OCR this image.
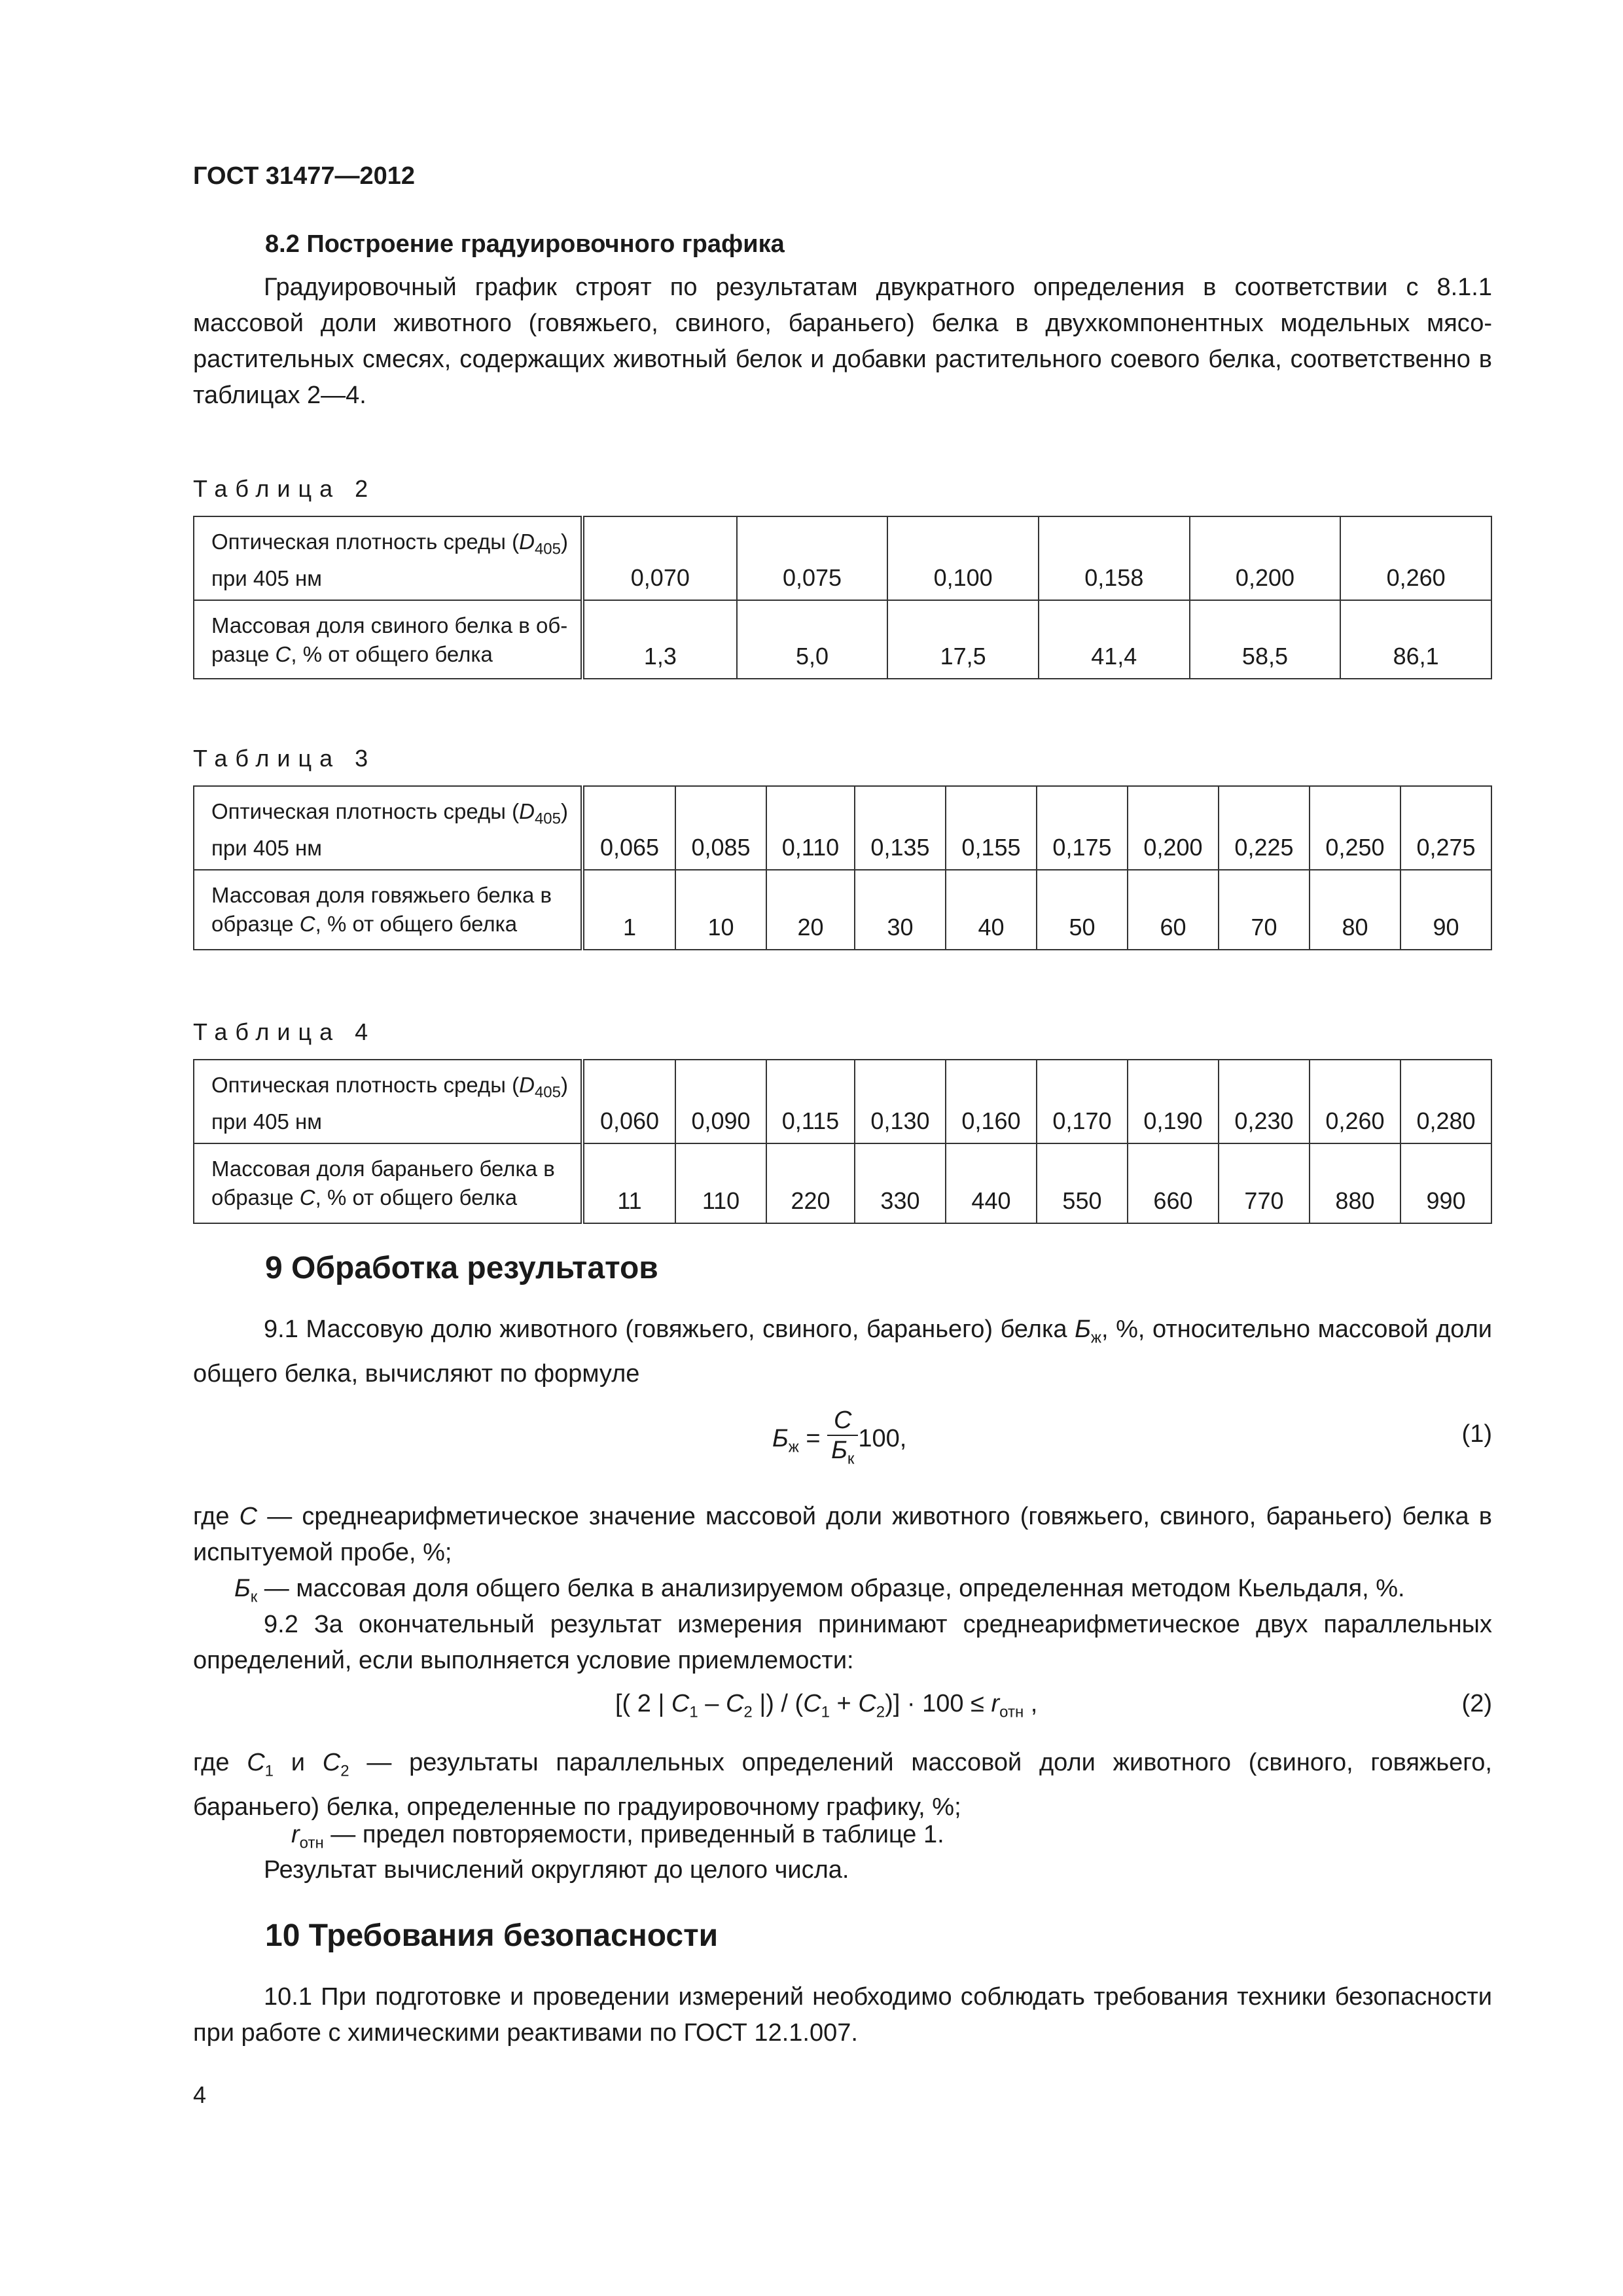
ГОСТ 31477—2012
8.2 Построение градуировочного графика

Градуировочный график строят по результатам двукратного определения в соответствии с 8.1.1 массовой доли животного (говяжьего, свиного, бараньего) белка в двухкомпонентных модельных мясо-растительных смесях, содержащих животный белок и добавки растительного соевого белка, соответственно в таблицах 2—4.

Таблица 2
Оптическая плотность среды $(D_{405})$
при 405 нм	0,070	0,075	0,100	0,158	0,200	0,260
Массовая доля свиного белка в об-
разце C, % от общего белка	1,3	5,0	17,5	41,4	58,5	86,1
Таблица 3
Оптическая плотность среды $(D_{405})$
при 405 нм	0,065	0,085	0,110	0,135	0,155	0,175	0,200	0,225	0,250	0,275
Массовая доля говяжьего белка в
образце C, % от общего белка	1	10	20	30	40	50	60	70	80	90
Таблица 4
Оптическая плотность среды $(D_{405})$
при 405 нм	0,060	0,090	0,115	0,130	0,160	0,170	0,190	0,230	0,260	0,280
Массовая доля бараньего белка в
образце C, % от общего белка	11	110	220	330	440	550	660	770	880	990
9 Обработка результатов

9.1 Массовую долю животного (говяжьего, свиного, бараньего) белка $Б_ж$, %, относительно массовой доли общего белка, вычисляют по формуле

$Б_ж = \frac{C}{Б_к} 100$,	(1)

где C — среднеарифметическое значение массовой доли животного (говяжьего, свиного, бараньего) белка в испытуемой пробе, %;

$Б_к$ — массовая доля общего белка в анализируемом образце, определенная методом Кьельдаля, %.

9.2 За окончательный результат измерения принимают среднеарифметическое двух параллельных определений, если выполняется условие приемлемости:

[( 2 | $C_1 - C_2$ |) / $(C_1 + C_2)] \cdot 100 \le r_{отн}$ ,	(2)

где $C_1$ и $C_2$ — результаты параллельных определений массовой доли животного (свиного, говяжьего, бараньего) белка, определенные по градуировочному графику, %;

$r_{отн}$ — предел повторяемости, приведенный в таблице 1.
Результат вычислений округляют до целого числа.
10 Требования безопасности

10.1 При подготовке и проведении измерений необходимо соблюдать требования техники безопасности при работе с химическими реактивами по ГОСТ 12.1.007.

4
